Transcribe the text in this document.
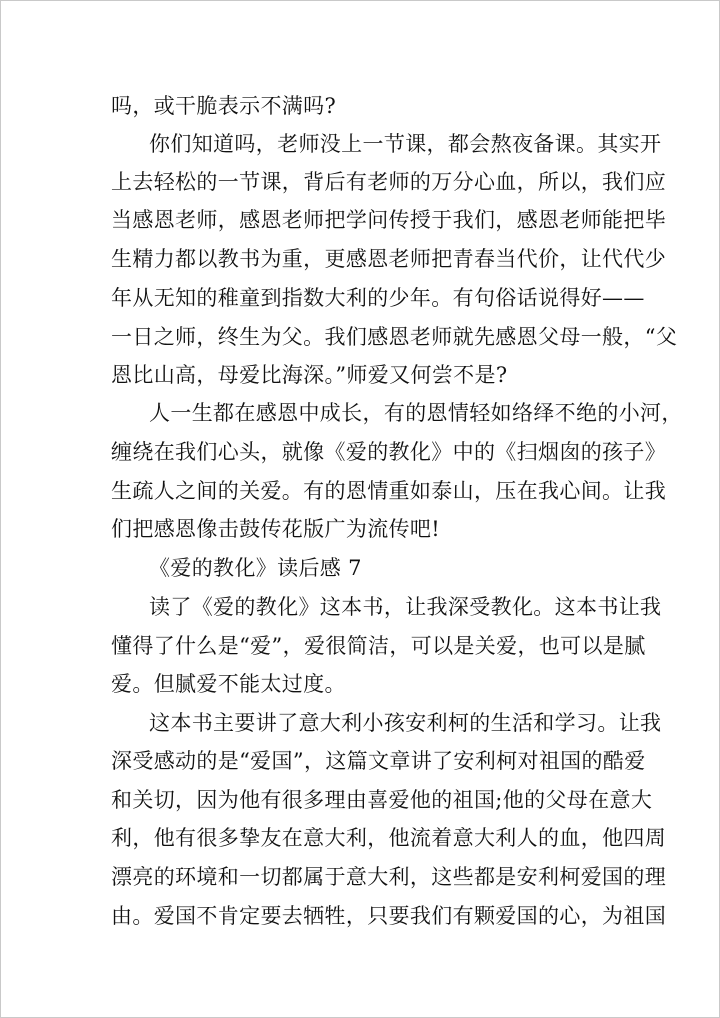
吗，或干脆表示不满吗?
你们知道吗，老师没上一节课，都会熬夜备课。其实开
上去轻松的一节课，背后有老师的万分心血，所以，我们应
当感恩老师，感恩老师把学问传授于我们，感恩老师能把毕
生精力都以教书为重，更感恩老师把青春当代价，让代代少
年从无知的稚童到指数大利的少年。有句俗话说得好——
一日之师，终生为父。我们感恩老师就先感恩父母一般，“父
恩比山高，母爱比海深。”师爱又何尝不是?
人一生都在感恩中成长，有的恩情轻如络绎不绝的小河，
缠绕在我们心头，就像《爱的教化》中的《扫烟囱的孩子》
生疏人之间的关爱。有的恩情重如泰山，压在我心间。让我
们把感恩像击鼓传花版广为流传吧!
《爱的教化》读后感 7
读了《爱的教化》这本书，让我深受教化。这本书让我
懂得了什么是“爱”，爱很简洁，可以是关爱，也可以是腻
爱。但腻爱不能太过度。
这本书主要讲了意大利小孩安利柯的生活和学习。让我
深受感动的是“爱国”，这篇文章讲了安利柯对祖国的酷爱
和关切，因为他有很多理由喜爱他的祖国;他的父母在意大
利，他有很多挚友在意大利，他流着意大利人的血，他四周
漂亮的环境和一切都属于意大利，这些都是安利柯爱国的理
由。爱国不肯定要去牺牲，只要我们有颗爱国的心，为祖国
